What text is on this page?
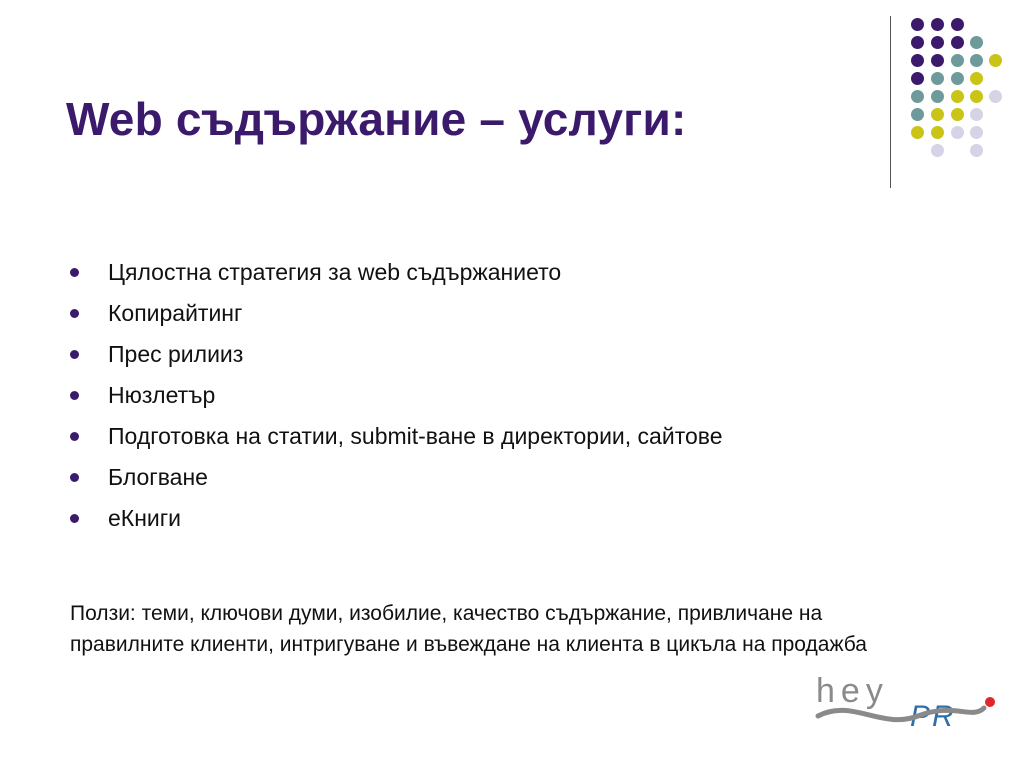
Web съдържание – услуги:
Цялостна стратегия за web съдържанието
Копирайтинг
Прес рилииз
Нюзлетър
Подготовка на статии, submit-ване в директории, сайтове
Блогване
еКниги

Ползи: теми, ключови думи, изобилие, качество съдържание, привличане на правилните клиенти, интригуване и въвеждане на клиента в цикъла на продажба

hey
PR
